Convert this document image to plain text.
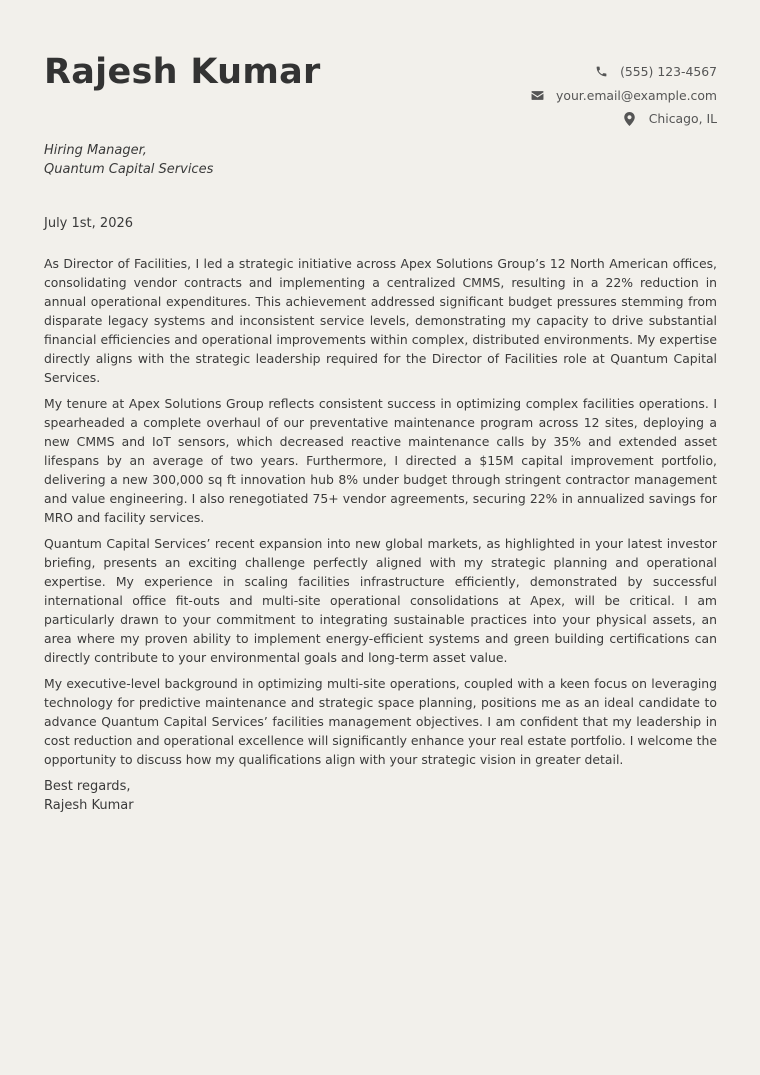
Rajesh Kumar	(555) 123-4567
your.email@example.com
Chicago, IL
Hiring Manager,
Quantum Capital Services
July 1st, 2026

As Director of Facilities, I led a strategic initiative across Apex Solutions Group’s 12 North American offices, consolidating vendor contracts and implementing a centralized CMMS, resulting in a 22% reduction in annual operational expenditures. This achievement addressed significant budget pressures stemming from disparate legacy systems and inconsistent service levels, demonstrating my capacity to drive substantial financial efficiencies and operational improvements within complex, distributed environments. My expertise directly aligns with the strategic leadership required for the Director of Facilities role at Quantum Capital Services.

My tenure at Apex Solutions Group reflects consistent success in optimizing complex facilities operations. I spearheaded a complete overhaul of our preventative maintenance program across 12 sites, deploying a new CMMS and IoT sensors, which decreased reactive maintenance calls by 35% and extended asset lifespans by an average of two years. Furthermore, I directed a $15M capital improvement portfolio, delivering a new 300,000 sq ft innovation hub 8% under budget through stringent contractor management and value engineering. I also renegotiated 75+ vendor agreements, securing 22% in annualized savings for MRO and facility services.

Quantum Capital Services’ recent expansion into new global markets, as highlighted in your latest investor briefing, presents an exciting challenge perfectly aligned with my strategic planning and operational expertise. My experience in scaling facilities infrastructure efficiently, demonstrated by successful international office fit-outs and multi-site operational consolidations at Apex, will be critical. I am particularly drawn to your commitment to integrating sustainable practices into your physical assets, an area where my proven ability to implement energy-efficient systems and green building certifications can directly contribute to your environmental goals and long-term asset value.

My executive-level background in optimizing multi-site operations, coupled with a keen focus on leveraging technology for predictive maintenance and strategic space planning, positions me as an ideal candidate to advance Quantum Capital Services’ facilities management objectives. I am confident that my leadership in cost reduction and operational excellence will significantly enhance your real estate portfolio. I welcome the opportunity to discuss how my qualifications align with your strategic vision in greater detail.

Best regards,
Rajesh Kumar
